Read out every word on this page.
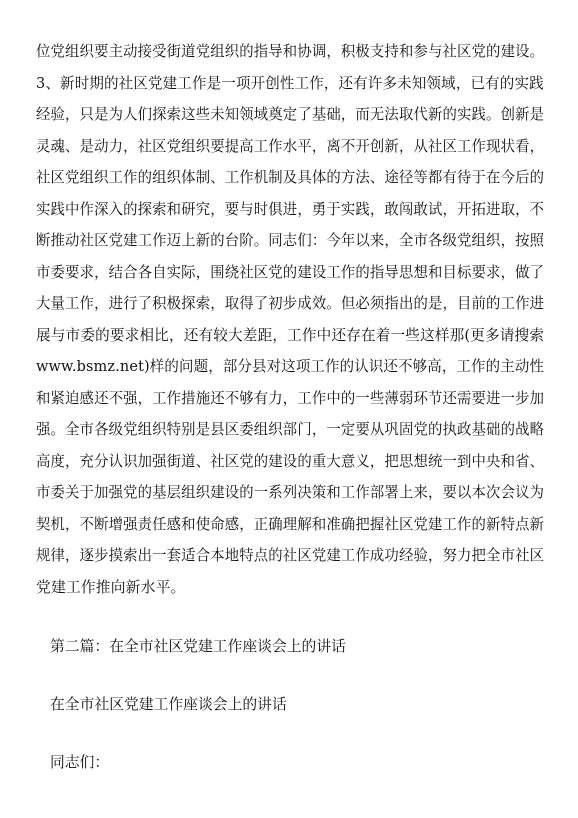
位党组织要主动接受街道党组织的指导和协调，积极支持和参与社区党的建设。
3、新时期的社区党建工作是一项开创性工作，还有许多未知领域，已有的实践
经验，只是为人们探索这些未知领域奠定了基础，而无法取代新的实践。创新是
灵魂、是动力，社区党组织要提高工作水平，离不开创新，从社区工作现状看，
社区党组织工作的组织体制、工作机制及具体的方法、途径等都有待于在今后的
实践中作深入的探索和研究，要与时俱进，勇于实践，敢闯敢试，开拓进取，不
断推动社区党建工作迈上新的台阶。同志们：今年以来，全市各级党组织，按照
市委要求，结合各自实际，围绕社区党的建设工作的指导思想和目标要求，做了
大量工作，进行了积极探索，取得了初步成效。但必须指出的是，目前的工作进
展与市委的要求相比，还有较大差距，工作中还存在着一些这样那(更多请搜索
www.bsmz.net)样的问题，部分县对这项工作的认识还不够高，工作的主动性
和紧迫感还不强，工作措施还不够有力，工作中的一些薄弱环节还需要进一步加
强。全市各级党组织特别是县区委组织部门，一定要从巩固党的执政基础的战略
高度，充分认识加强街道、社区党的建设的重大意义，把思想统一到中央和省、
市委关于加强党的基层组织建设的一系列决策和工作部署上来，要以本次会议为
契机，不断增强责任感和使命感，正确理解和准确把握社区党建工作的新特点新
规律，逐步摸索出一套适合本地特点的社区党建工作成功经验，努力把全市社区
党建工作推向新水平。

第二篇：在全市社区党建工作座谈会上的讲话
在全市社区党建工作座谈会上的讲话

同志们：
